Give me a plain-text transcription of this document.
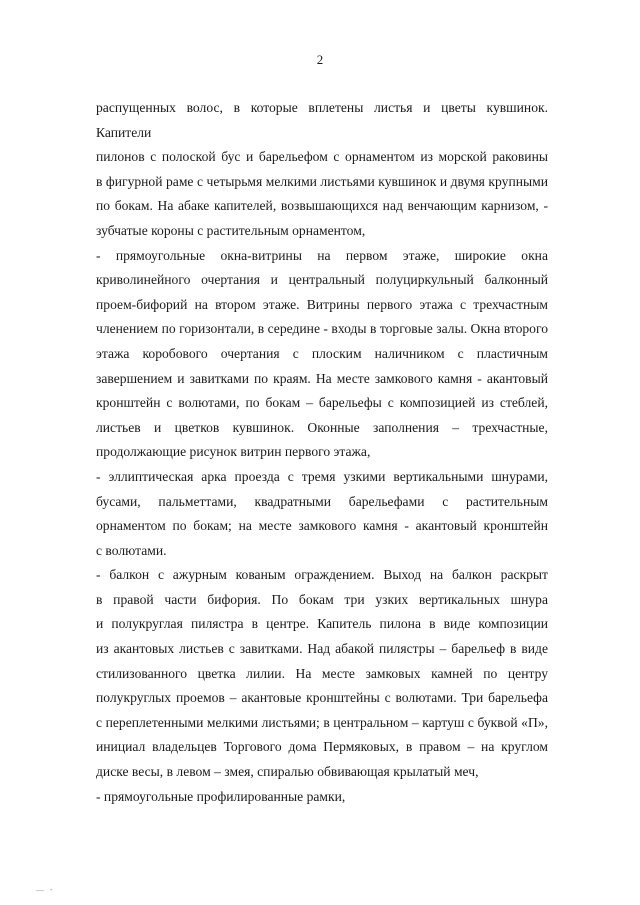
2

распущенных волос, в которые вплетены листья и цветы кувшинок. Капители

пилонов с полоской бус и барельефом с орнаментом из морской раковины

в фигурной раме с четырьмя мелкими листьями кувшинок и двумя крупными

по бокам. На абаке капителей, возвышающихся над венчающим карнизом, -

зубчатые короны с растительным орнаментом,

- прямоугольные окна-витрины на первом этаже, широкие окна

криволинейного очертания и центральный полуциркульный балконный

проем-бифорий на втором этаже. Витрины первого этажа с трехчастным

членением по горизонтали, в середине - входы в торговые залы. Окна второго

этажа коробового очертания с плоским наличником с пластичным

завершением и завитками по краям. На месте замкового камня - акантовый

кронштейн с волютами, по бокам – барельефы с композицией из стеблей,

листьев и цветков кувшинок. Оконные заполнения – трехчастные,

продолжающие рисунок витрин первого этажа,

- эллиптическая арка проезда с тремя узкими вертикальными шнурами,

бусами, пальметтами, квадратными барельефами с растительным

орнаментом по бокам; на месте замкового камня - акантовый кронштейн

с волютами.

- балкон с ажурным кованым ограждением. Выход на балкон раскрыт

в правой части бифория. По бокам три узких вертикальных шнура

и полукруглая пилястра в центре. Капитель пилона в виде композиции

из акантовых листьев с завитками. Над абакой пилястры – барельеф в виде

стилизованного цветка лилии. На месте замковых камней по центру

полукруглых проемов – акантовые кронштейны с волютами. Три барельефа

с переплетенными мелкими листьями; в центральном – картуш с буквой «П»,

инициал владельцев Торгового дома Пермяковых, в правом – на круглом

диске весы, в левом – змея, спиралью обвивающая крылатый меч,

- прямоугольные профилированные рамки,

— -
